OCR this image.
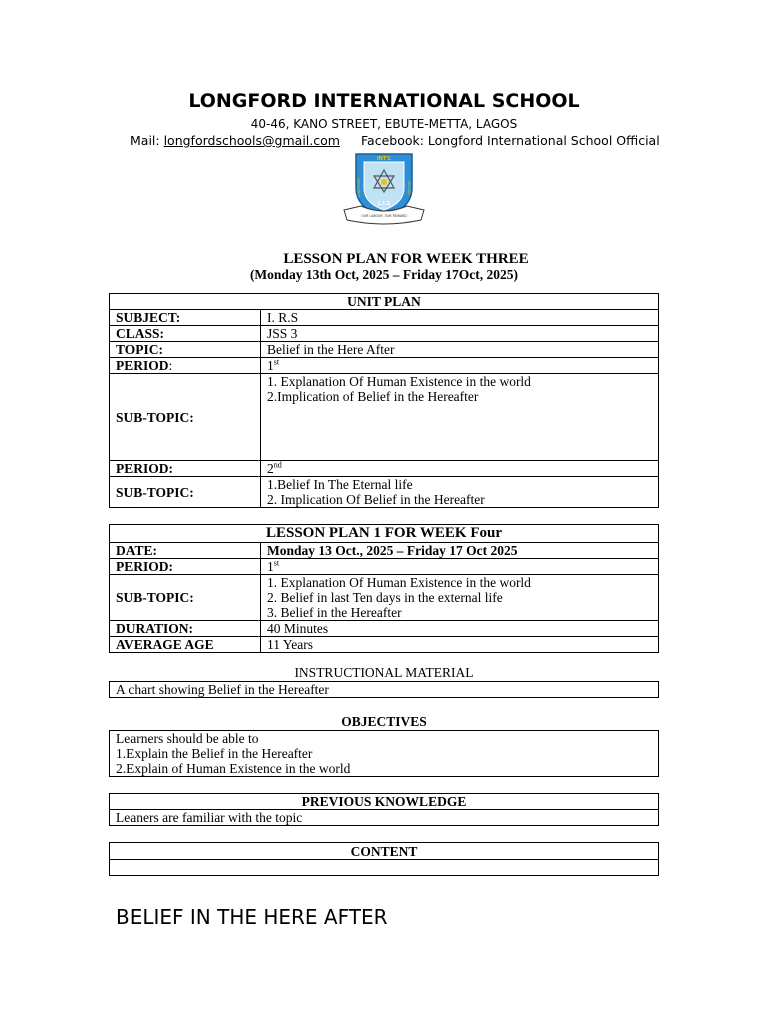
LONGFORD INTERNATIONAL SCHOOL
40-46, KANO STREET, EBUTE-METTA, LAGOS
Mail: longfordschools@gmail.com Facebook: Longford International School Official
INT'L
L.I.S
LONGFORD	SCHOOL
OUR LABOUR, OUR REWARD
LESSON PLAN FOR WEEK THREE
(Monday 13th Oct, 2025 – Friday 17Oct, 2025)
UNIT PLAN	
SUBJECT:	I. R.S
CLASS:	JSS 3
TOPIC:	Belief in the Here After
PERIOD:	1st
SUB-TOPIC:	1. Explanation Of Human Existence in the world
2.Implication of Belief in the Hereafter

PERIOD:	2nd
SUB-TOPIC:	1.Belief In The Eternal life
2. Implication Of Belief in the Hereafter
LESSON PLAN 1 FOR WEEK Four	
DATE:	Monday 13 Oct., 2025 – Friday 17 Oct 2025
PERIOD:	1st
SUB-TOPIC:	1. Explanation Of Human Existence in the world
2. Belief in last Ten days in the external life
3. Belief in the Hereafter

DURATION:	40 Minutes
AVERAGE AGE	11 Years
INSTRUCTIONAL MATERIAL
A chart showing Belief in the Hereafter
OBJECTIVES
Learners should be able to
1.Explain the Belief in the Hereafter
2.Explain of Human Existence in the world
PREVIOUS KNOWLEDGE
Leaners are familiar with the topic
CONTENT

BELIEF IN THE HERE AFTER
